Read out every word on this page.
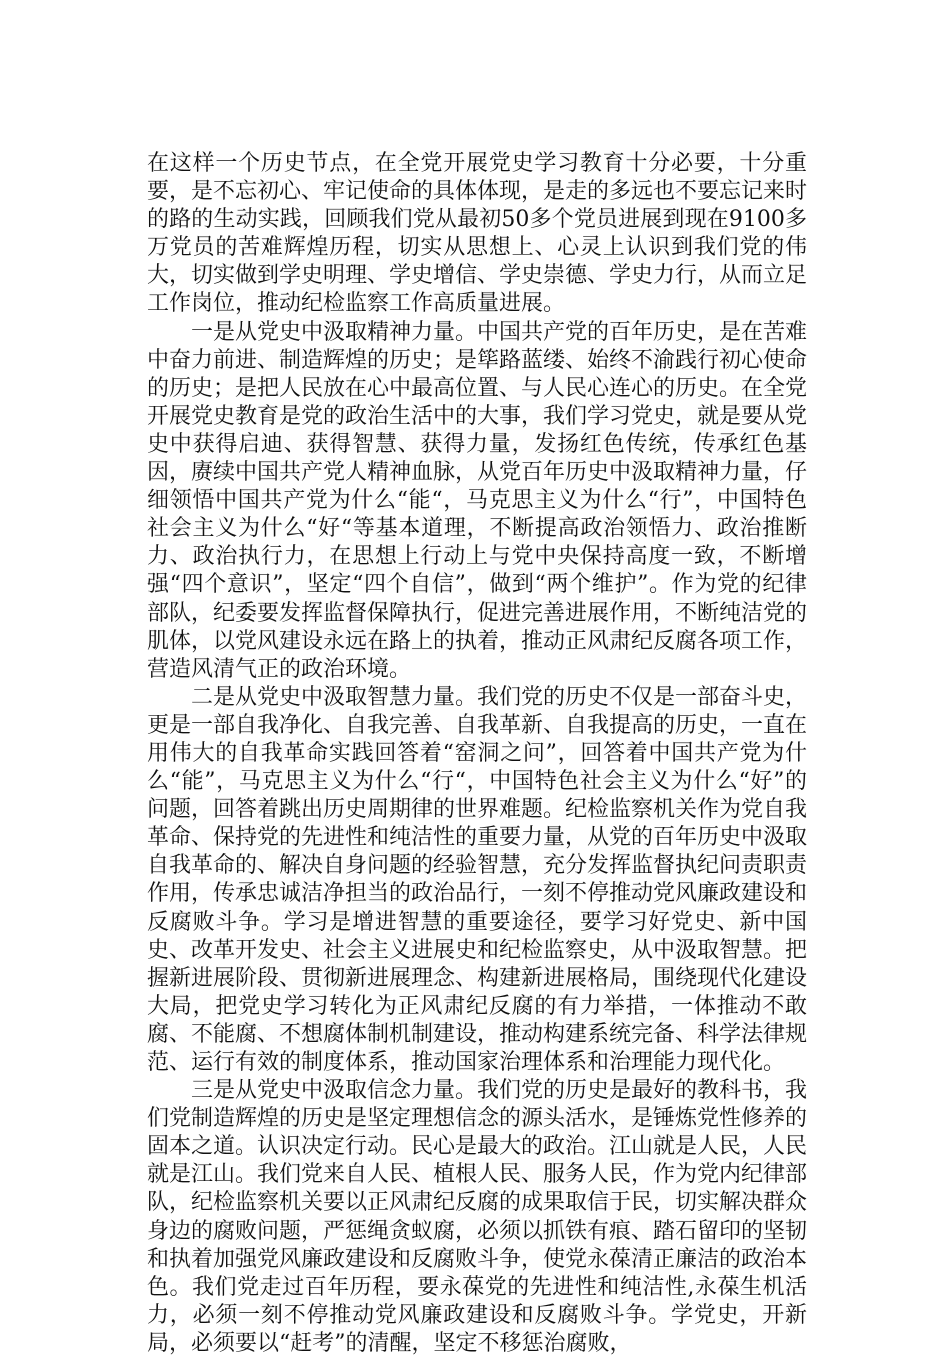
在这样一个历史节点，在全党开展党史学习教育十分必要，十分重要，是不忘初心、牢记使命的具体体现，是走的多远也不要忘记来时的路的生动实践，回顾我们党从最初50多个党员进展到现在9100多万党员的苦难辉煌历程，切实从思想上、心灵上认识到我们党的伟大，切实做到学史明理、学史增信、学史崇德、学史力行，从而立足工作岗位，推动纪检监察工作高质量进展。

一是从党史中汲取精神力量。中国共产党的百年历史，是在苦难中奋力前进、制造辉煌的历史；是筚路蓝缕、始终不渝践行初心使命的历史；是把人民放在心中最高位置、与人民心连心的历史。在全党开展党史教育是党的政治生活中的大事，我们学习党史，就是要从党史中获得启迪、获得智慧、获得力量，发扬红色传统，传承红色基因，赓续中国共产党人精神血脉，从党百年历史中汲取精神力量，仔细领悟中国共产党为什么“能“，马克思主义为什么“行”，中国特色社会主义为什么“好“等基本道理，不断提高政治领悟力、政治推断力、政治执行力，在思想上行动上与党中央保持高度一致，不断增强“四个意识”，坚定“四个自信”，做到“两个维护”。作为党的纪律部队，纪委要发挥监督保障执行，促进完善进展作用，不断纯洁党的肌体，以党风建设永远在路上的执着，推动正风肃纪反腐各项工作，营造风清气正的政治环境。

二是从党史中汲取智慧力量。我们党的历史不仅是一部奋斗史，更是一部自我净化、自我完善、自我革新、自我提高的历史，一直在用伟大的自我革命实践回答着“窑洞之问”，回答着中国共产党为什么“能”，马克思主义为什么“行“，中国特色社会主义为什么“好”的问题，回答着跳出历史周期律的世界难题。纪检监察机关作为党自我革命、保持党的先进性和纯洁性的重要力量，从党的百年历史中汲取自我革命的、解决自身问题的经验智慧，充分发挥监督执纪问责职责作用，传承忠诚洁净担当的政治品行，一刻不停推动党风廉政建设和反腐败斗争。学习是增进智慧的重要途径，要学习好党史、新中国史、改革开发史、社会主义进展史和纪检监察史，从中汲取智慧。把握新进展阶段、贯彻新进展理念、构建新进展格局，围绕现代化建设大局，把党史学习转化为正风肃纪反腐的有力举措，一体推动不敢腐、不能腐、不想腐体制机制建设，推动构建系统完备、科学法律规范、运行有效的制度体系，推动国家治理体系和治理能力现代化。

三是从党史中汲取信念力量。我们党的历史是最好的教科书，我们党制造辉煌的历史是坚定理想信念的源头活水，是锤炼党性修养的固本之道。认识决定行动。民心是最大的政治。江山就是人民，人民就是江山。我们党来自人民、植根人民、服务人民，作为党内纪律部队，纪检监察机关要以正风肃纪反腐的成果取信于民，切实解决群众身边的腐败问题，严惩绳贪蚁腐，必须以抓铁有痕、踏石留印的坚韧和执着加强党风廉政建设和反腐败斗争，使党永葆清正廉洁的政治本色。我们党走过百年历程，要永葆党的先进性和纯洁性,永葆生机活力，必须一刻不停推动党风廉政建设和反腐败斗争。学党史，开新局，必须要以“赶考”的清醒，坚定不移惩治腐败，
